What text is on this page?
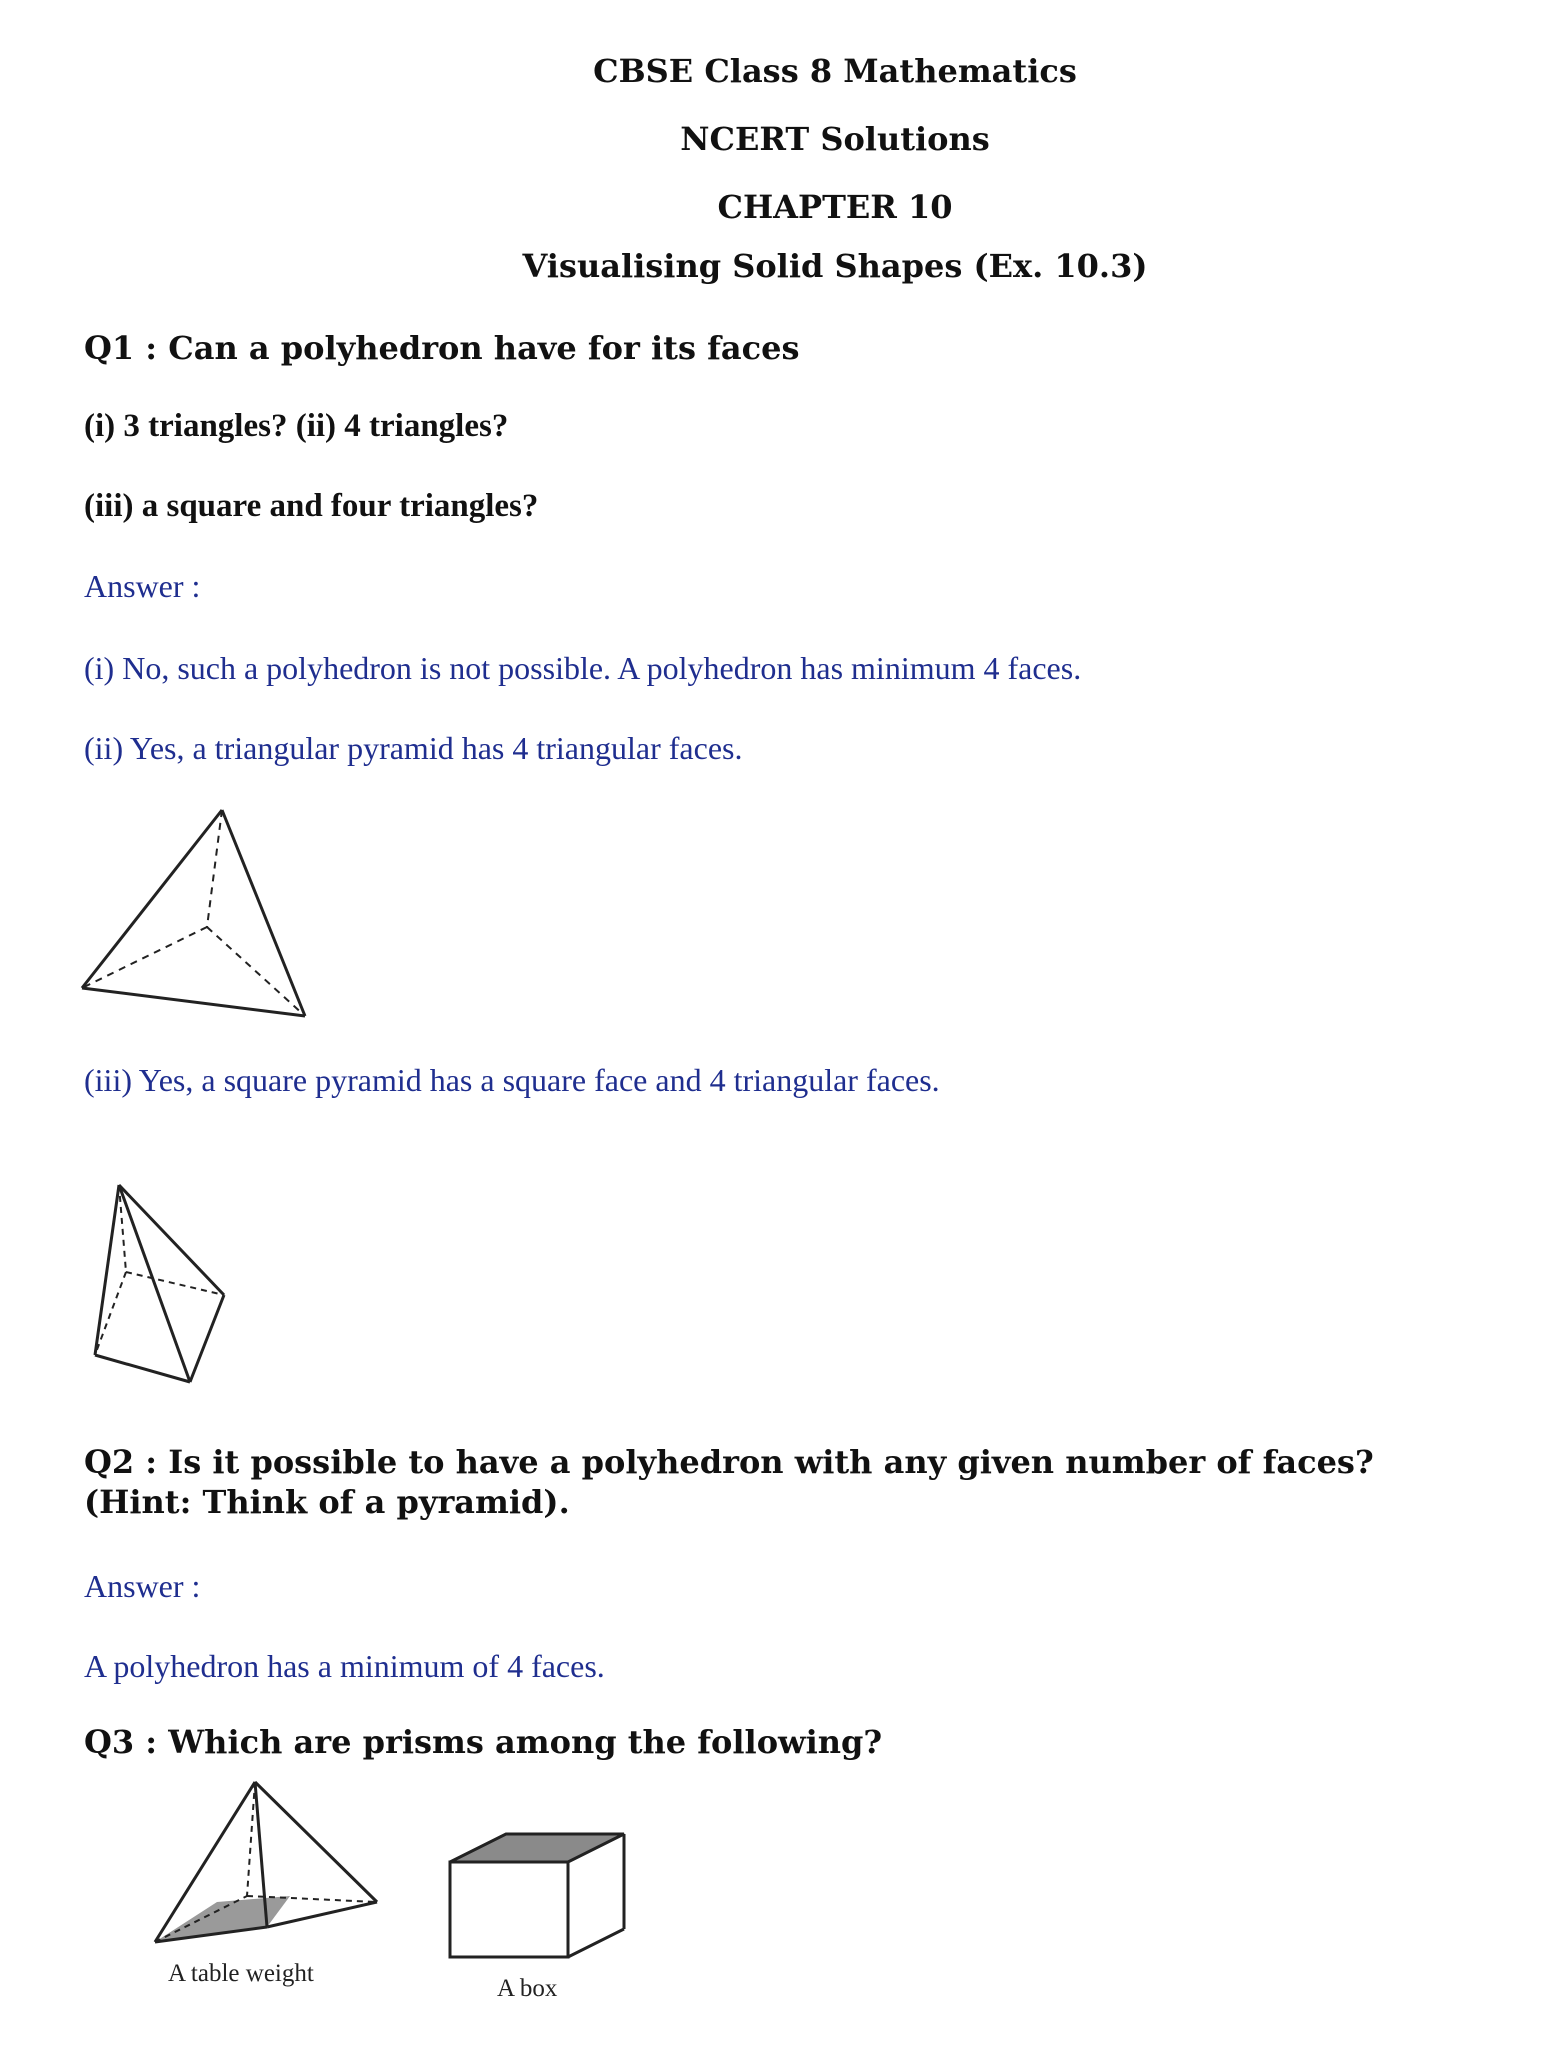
CBSE Class 8 Mathematics
NCERT Solutions
CHAPTER 10
Visualising Solid Shapes (Ex. 10.3)
Q1 : Can a polyhedron have for its faces
(i) 3 triangles? (ii) 4 triangles?
(iii) a square and four triangles?
Answer :
(i) No, such a polyhedron is not possible. A polyhedron has minimum 4 faces.
(ii) Yes, a triangular pyramid has 4 triangular faces.
(iii) Yes, a square pyramid has a square face and 4 triangular faces.
Q2 : Is it possible to have a polyhedron with any given number of faces? (Hint: Think of a pyramid).
Answer :
A polyhedron has a minimum of 4 faces.
Q3 : Which are prisms among the following?
A table weight
A box
